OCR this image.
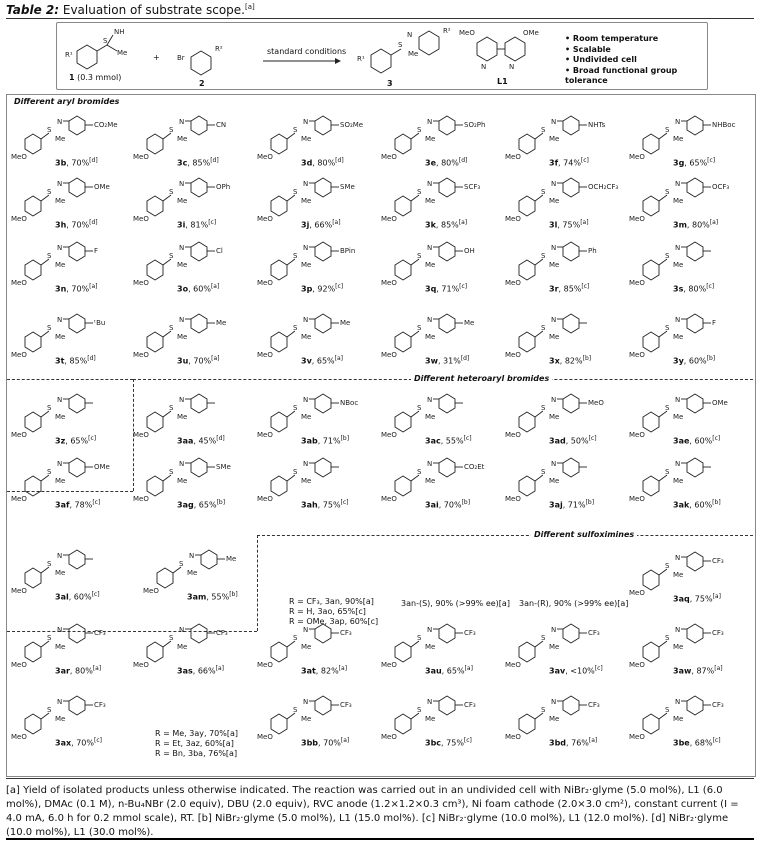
Table 2: Evaluation of substrate scope.[a]
S
NH
Me
R¹	Br
R²	S
N
Me
R²
R¹
MeO	OMe
N	N
1 (0.3 mmol)
+
2
standard conditions
3	L1
• Room temperature
• Scalable
• Undivided cell
• Broad functional group tolerance
Different aryl bromides
Different heteroaryl bromides
Different sulfoximines
MeO
S
Me
N	CO₂Me
3b, 70%[d]	MeO
S
Me
N	CN
3c, 85%[d]	MeO
S
Me
N	SO₂Me
3d, 80%[d]	MeO
S
Me
N	SO₂Ph
3e, 80%[d]	MeO
S
Me
N	NHTs
3f, 74%[c]	MeO
S
Me
N	NHBoc
3g, 65%[c]
MeO
S
Me
N	OMe
3h, 70%[d]	MeO
S
Me
N	OPh
3i, 81%[c]	MeO
S
Me
N	SMe
3j, 66%[a]	MeO
S
Me
N	SCF₃
3k, 85%[a]	MeO
S
Me
N	OCH₂CF₃
3l, 75%[a]	MeO
S
Me
N	OCF₃
3m, 80%[a]
MeO
S
Me
N	F
3n, 70%[a]	MeO
S
Me
N	Cl
3o, 60%[a]	MeO
S
Me
N	BPin
3p, 92%[c]	MeO
S
Me
N	OH
3q, 71%[c]	MeO
S
Me
N	Ph
3r, 85%[c]	MeO
S
Me
N
3s, 80%[c]
MeO
S
Me
N	ᵗBu
3t, 85%[d]	MeO
S
Me
N	Me
3u, 70%[a]	MeO
S
Me
N	Me
3v, 65%[a]	MeO
S
Me
N	Me
3w, 31%[d]	MeO
S
Me
N
3x, 82%[b]	MeO
S
Me
N	F
3y, 60%[b]
MeO
S
Me
N
3z, 65%[c]	MeO
S
Me
N
3aa, 45%[d]	MeO
S
Me
N	NBoc
3ab, 71%[b]	MeO
S
Me
N
3ac, 55%[c]	MeO
S
Me
N	MeO
3ad, 50%[c]	MeO
S
Me
N	OMe
3ae, 60%[c]
MeO
S
Me
N	OMe
3af, 78%[c]	MeO
S
Me
N	SMe
3ag, 65%[b]	MeO
S
Me
N
3ah, 75%[c]	MeO
S
Me
N	CO₂Et
3ai, 70%[b]	MeO
S
Me
N
3aj, 71%[b]	MeO
S
Me
N
3ak, 60%[b]
MeO
S
Me
N
3al, 60%[c]	MeO
S
Me
N	Me
3am, 55%[b]	MeO
S
Me
N	CF₃
3aq, 75%[a]
MeO
S
Me
N	CF₃
3ar, 80%[a]	MeO
S
Me
N	CF₃
3as, 66%[a]	MeO
S
Me
N	CF₃
3at, 82%[a]	MeO
S
Me
N	CF₃
3au, 65%[a]	MeO
S
Me
N	CF₃
3av, <10%[c]	MeO
S
Me
N	CF₃
3aw, 87%[a]
MeO
S
Me
N	CF₃
3ax, 70%[c]	MeO
S
Me
N	CF₃
3bb, 70%[a]	MeO
S
Me
N	CF₃
3bc, 75%[c]	MeO
S
Me
N	CF₃
3bd, 76%[a]	MeO
S
Me
N	CF₃
3be, 68%[c]
R = CF₃, 3an, 90%[a]
R = H, 3ao, 65%[c]
R = OMe, 3ap, 60%[c]
3an-(S), 90% (>99% ee)[a] 3an-(R), 90% (>99% ee)[a]
R = Me, 3ay, 70%[a]
R = Et, 3az, 60%[a]
R = Bn, 3ba, 76%[a]
[a] Yield of isolated products unless otherwise indicated. The reaction was carried out in an undivided cell with NiBr₂·glyme (5.0 mol%), L1 (6.0 mol%), DMAc (0.1 M), n-Bu₄NBr (2.0 equiv), DBU (2.0 equiv), RVC anode (1.2×1.2×0.3 cm³), Ni foam cathode (2.0×3.0 cm²), constant current (I = 4.0 mA, 6.0 h for 0.2 mmol scale), RT. [b] NiBr₂·glyme (5.0 mol%), L1 (15.0 mol%). [c] NiBr₂·glyme (10.0 mol%), L1 (12.0 mol%). [d] NiBr₂·glyme (10.0 mol%), L1 (30.0 mol%).
